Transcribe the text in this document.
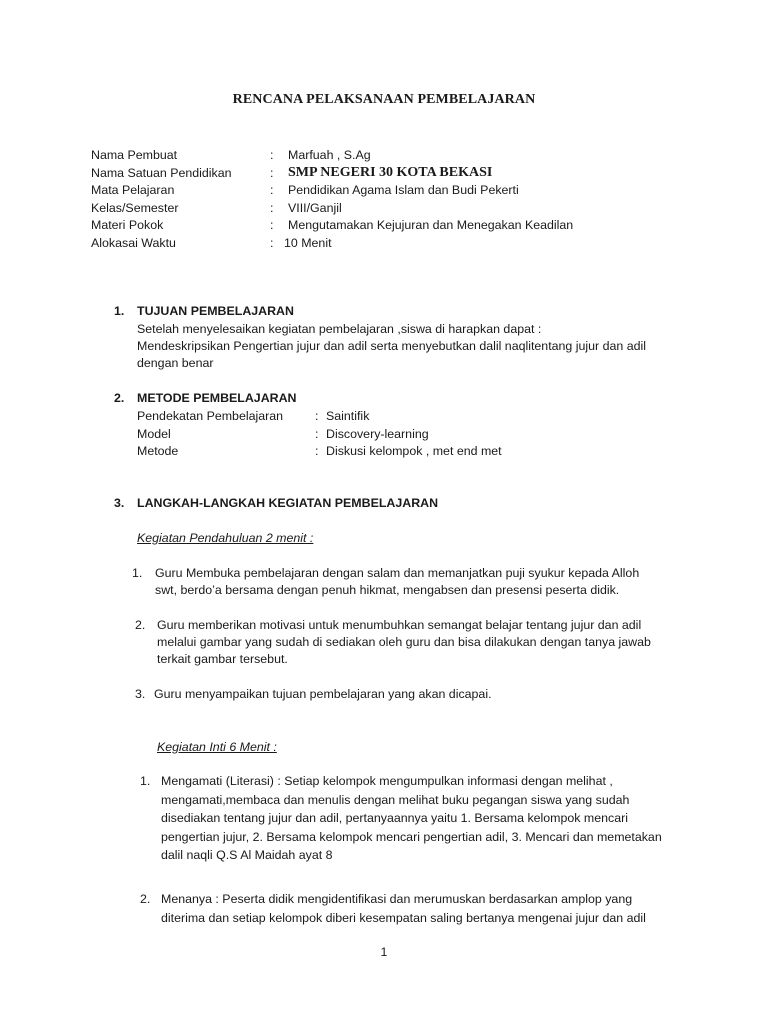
RENCANA PELAKSANAAN PEMBELAJARAN
Nama Pembuat	: Marfuah , S.Ag
Nama Satuan Pendidikan	: SMP NEGERI 30 KOTA BEKASI
Mata Pelajaran	: Pendidikan Agama Islam dan Budi Pekerti
Kelas/Semester	: VIII/Ganjil
Materi Pokok	: Mengutamakan Kejujuran dan Menegakan Keadilan
Alokasai Waktu	: 10 Menit
1. TUJUAN PEMBELAJARAN
Setelah menyelesaikan kegiatan pembelajaran ,siswa di harapkan dapat :
Mendeskripsikan Pengertian jujur dan adil serta menyebutkan dalil naqlitentang jujur dan adil
dengan benar
2. METODE PEMBELAJARAN
Pendekatan Pembelajaran	: Saintifik
Model	: Discovery-learning
Metode	: Diskusi kelompok , met end met
3. LANGKAH-LANGKAH KEGIATAN PEMBELAJARAN
Kegiatan Pendahuluan 2 menit :
1. Guru Membuka pembelajaran dengan salam dan memanjatkan puji syukur kepada Alloh
swt, berdo’a bersama dengan penuh hikmat, mengabsen dan presensi peserta didik.
2. Guru memberikan motivasi untuk menumbuhkan semangat belajar tentang jujur dan adil
melalui gambar yang sudah di sediakan oleh guru dan bisa dilakukan dengan tanya jawab
terkait gambar tersebut.
3. Guru menyampaikan tujuan pembelajaran yang akan dicapai.
Kegiatan Inti 6 Menit :
1. Mengamati (Literasi) : Setiap kelompok mengumpulkan informasi dengan melihat ,
mengamati,membaca dan menulis dengan melihat buku pegangan siswa yang sudah
disediakan tentang jujur dan adil, pertanyaannya yaitu 1. Bersama kelompok mencari
pengertian jujur, 2. Bersama kelompok mencari pengertian adil, 3. Mencari dan memetakan
dalil naqli Q.S Al Maidah ayat 8
2. Menanya : Peserta didik mengidentifikasi dan merumuskan berdasarkan amplop yang
diterima dan setiap kelompok diberi kesempatan saling bertanya mengenai jujur dan adil
1
